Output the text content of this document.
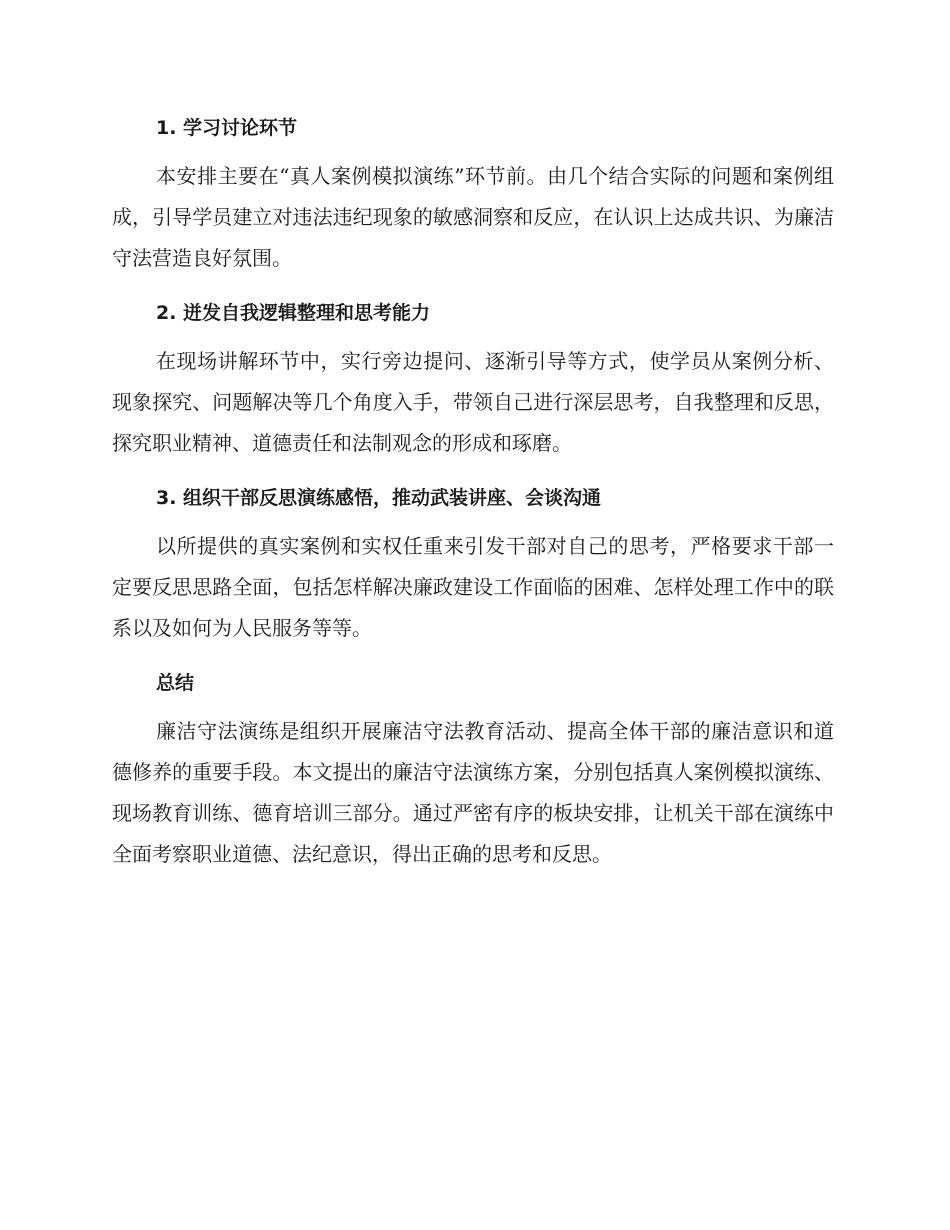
1. 学习讨论环节

本安排主要在“真人案例模拟演练”环节前。由几个结合实际的问题和案例组成，引导学员建立对违法违纪现象的敏感洞察和反应，在认识上达成共识、为廉洁守法营造良好氛围。

2. 迸发自我逻辑整理和思考能力

在现场讲解环节中，实行旁边提问、逐渐引导等方式，使学员从案例分析、现象探究、问题解决等几个角度入手，带领自己进行深层思考，自我整理和反思，探究职业精神、道德责任和法制观念的形成和琢磨。

3. 组织干部反思演练感悟，推动武装讲座、会谈沟通

以所提供的真实案例和实权任重来引发干部对自己的思考，严格要求干部一定要反思思路全面，包括怎样解决廉政建设工作面临的困难、怎样处理工作中的联系以及如何为人民服务等等。

总结

廉洁守法演练是组织开展廉洁守法教育活动、提高全体干部的廉洁意识和道德修养的重要手段。本文提出的廉洁守法演练方案，分别包括真人案例模拟演练、现场教育训练、德育培训三部分。通过严密有序的板块安排，让机关干部在演练中全面考察职业道德、法纪意识，得出正确的思考和反思。
